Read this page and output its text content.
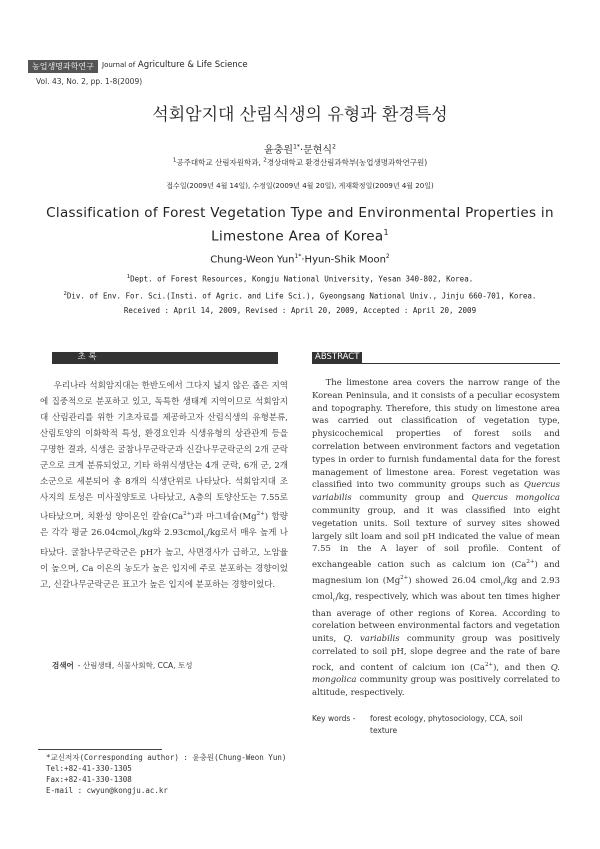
농업생명과학연구	Journal of Agriculture & Life Science
Vol. 43, No. 2, pp. 1-8(2009)
석회암지대 산림식생의 유형과 환경특성
윤충원$^{1*}$·문현식$^2$
$^1$공주대학교 산림자원학과, $^2$경상대학교 환경산림과학부(농업생명과학연구원)
접수일(2009년 4월 14일), 수정일(2009년 4월 20일), 게재확정일(2009년 4월 20일)
Classification of Forest Vegetation Type and Environmental Properties in Limestone Area of Korea$^1$
Chung-Weon Yun$^{1*}$·Hyun-Shik Moon$^2$
$^1$Dept. of Forest Resources, Kongju National University, Yesan 340-802, Korea.
$^2$Div. of Env. For. Sci.(Insti. of Agric. and Life Sci.), Gyeongsang National Univ., Jinju 660-701, Korea.
Received : April 14, 2009, Revised : April 20, 2009, Accepted : April 20, 2009
초 록	ABSTRACT

우리나라 석회암지대는 한반도에서 그다지 넓지 않은 좁은 지역에 집중적으로 분포하고 있고, 독특한 생태계 지역이므로 석회암지대 산림관리를 위한 기초자료를 제공하고자 산림식생의 유형분류, 산림토양의 이화학적 특성, 환경요인과 식생유형의 상관관계 등을 구명한 결과, 식생은 굴참나무군락군과 신갈나무군락군의 2개 군락군으로 크게 분류되었고, 기타 하위식생단는 4개 군락, 6개 군, 2개 소군으로 세분되어 총 8개의 식생단위로 나타났다. 석회암지대 조사지의 토성은 미사질양토로 나타났고, A층의 토양산도는 7.55로 나타났으며, 치환성 양이온인 칼슘$(Ca^{2+})$과 마그네슘$(Mg^{2+})$ 함량은 각각 평균 26.04cmol$_c$/kg와 2.93cmol$_c$/kg로서 매우 높게 나타났다. 굴참나무군락군은 pH가 높고, 사면경사가 급하고, 노암율이 높으며, Ca 이온의 농도가 높은 입지에 주로 분포하는 경향이었고, 신갈나무군락군은 표고가 높은 입지에 분포하는 경향이었다.

검색어 - 산림생태, 식물사회학, CCA, 토성

The limestone area covers the narrow range of the Korean Peninsula, and it consists of a peculiar ecosystem and topography. Therefore, this study on limestone area was carried out classification of vegetation type, physicochemical properties of forest soils and correlation between environment factors and vegetation types in order to furnish fundamental data for the forest management of limestone area. Forest vegetation was classified into two community groups such as Quercus variabilis community group and Quercus mongolica community group, and it was classified into eight vegetation units. Soil texture of survey sites showed largely silt loam and soil pH indicated the value of mean 7.55 in the A layer of soil profile. Content of exchangeable cation such as calcium ion $(Ca^{2+})$ and magnesium ion $(Mg^{2+})$ showed 26.04 cmol$_c$/kg and 2.93 cmol$_c$/kg, respectively, which was about ten times higher than average of other regions of Korea. According to corelation between environmental factors and vegetation units, Q. variabilis community group was positively correlated to soil pH, slope degree and the rate of bare rock, and content of calcium ion $(Ca^{2+})$, and then Q. mongolica community group was positively correlated to altitude, respectively.

Key words - forest ecology, phytosociology, CCA, soil
texture
*교신저자(Corresponding author) : 윤충원(Chung-Weon Yun)
Tel:+82-41-330-1305
Fax:+82-41-330-1308
E-mail : cwyun@kongju.ac.kr
